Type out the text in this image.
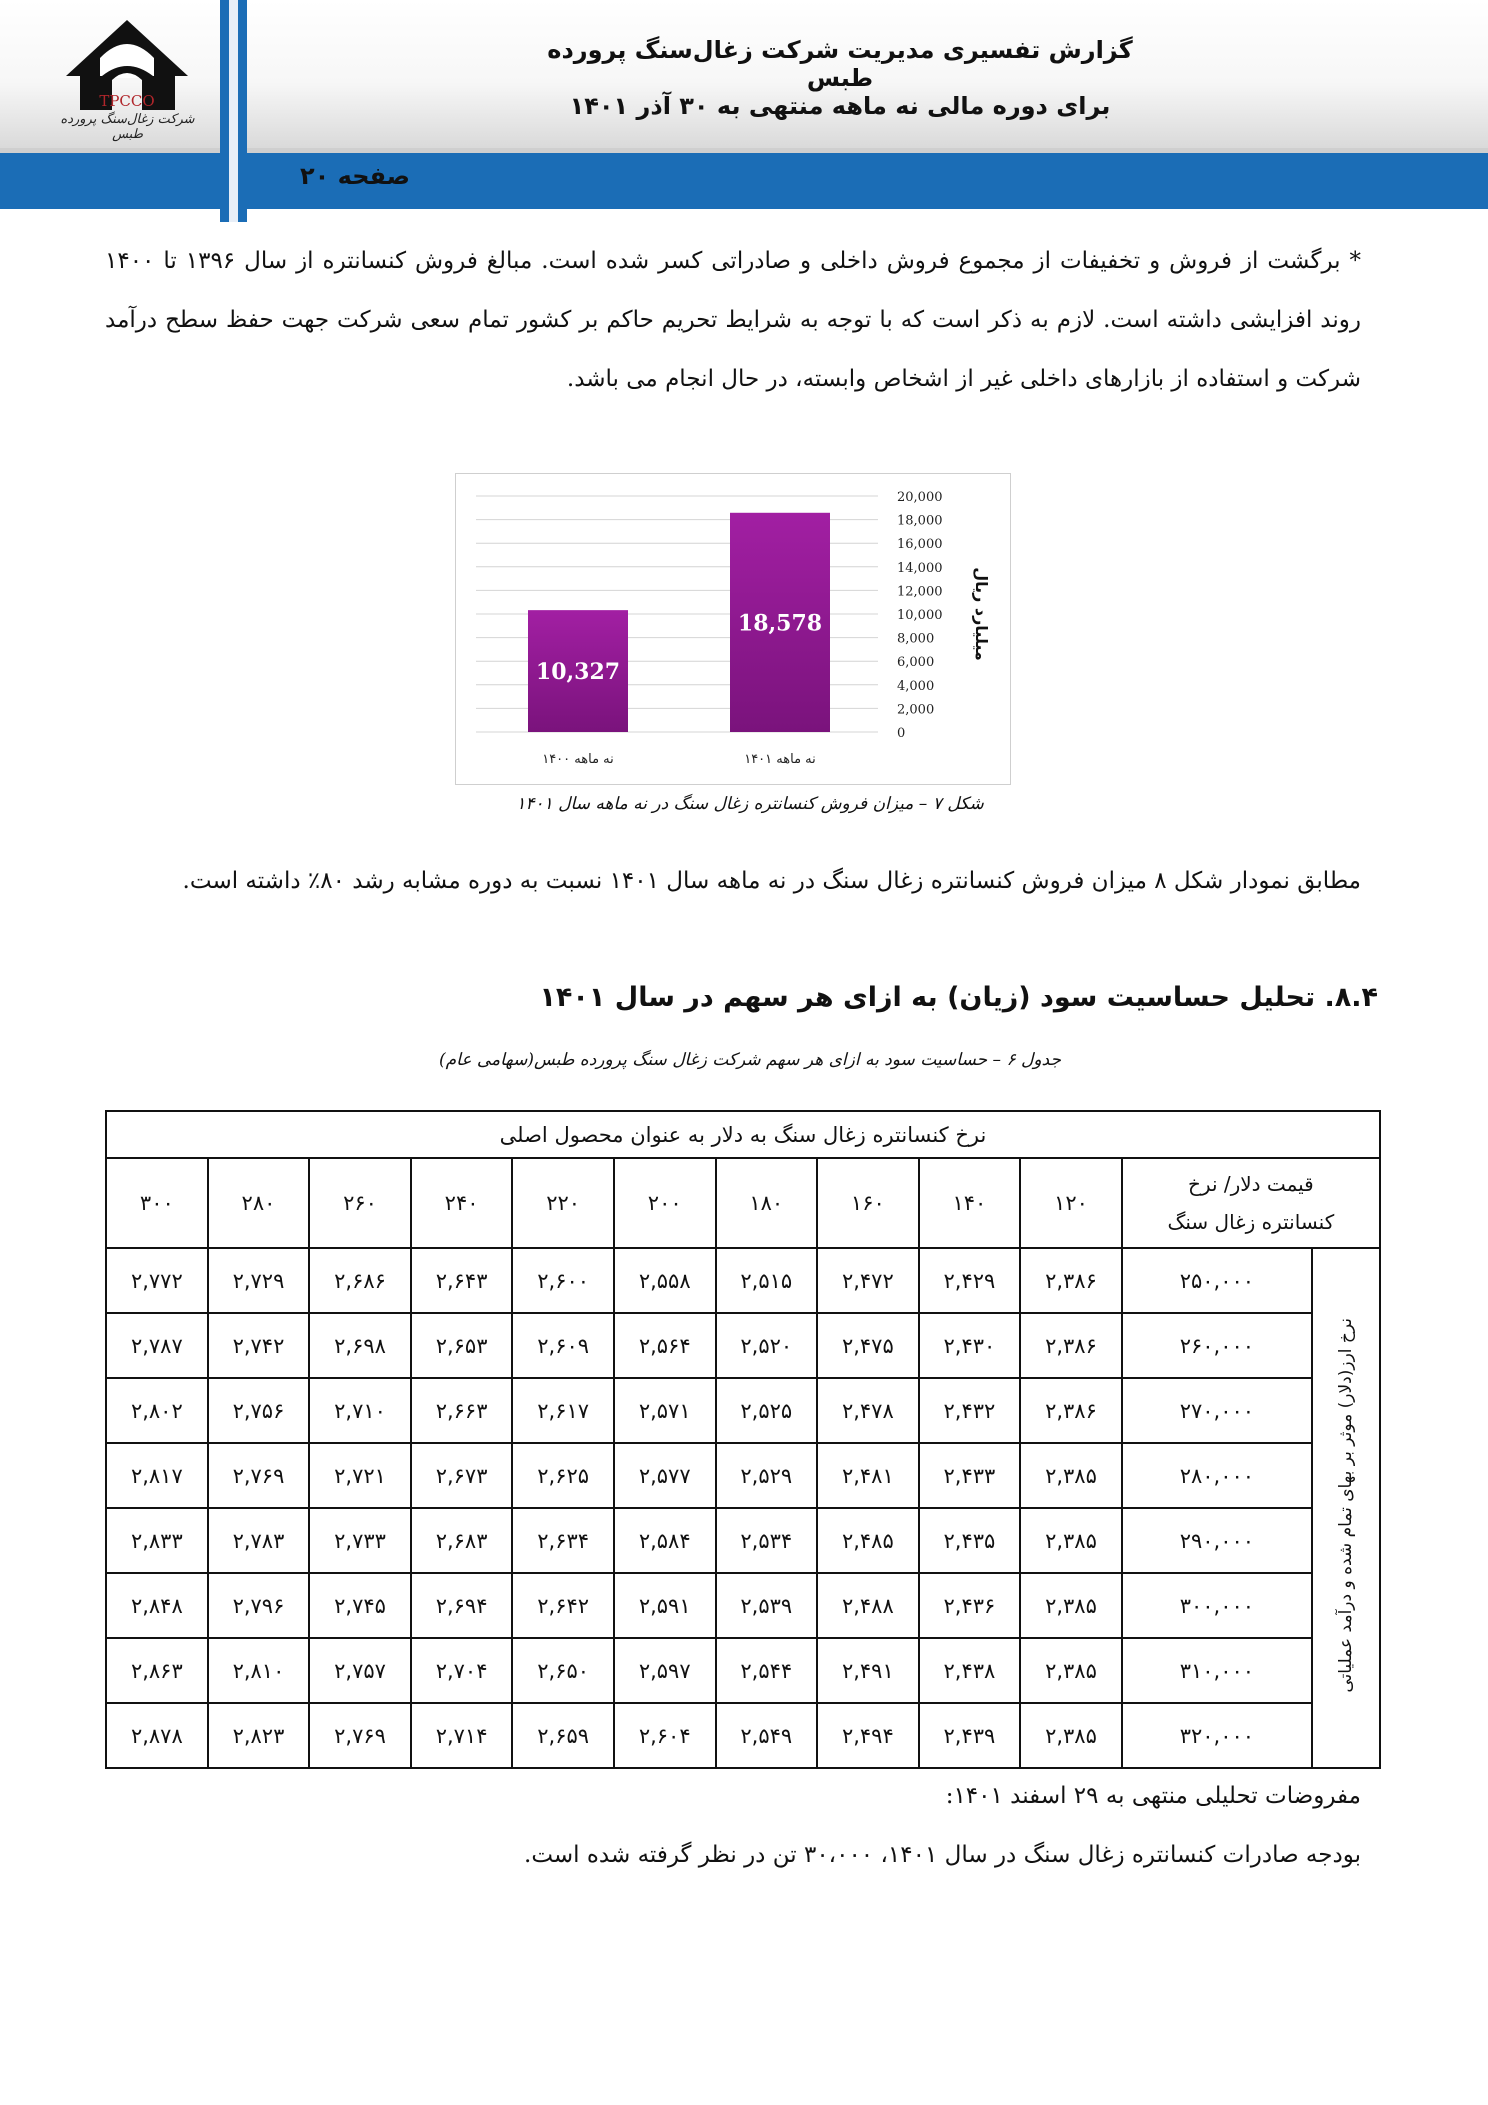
TPCCO
شرکت زغال‌سنگ پرورده طبس
گزارش تفسیری مدیریت شرکت زغال‌سنگ پرورده طبس
برای دوره مالی نه ماهه منتهی به ۳۰ آذر ۱۴۰۱
صفحه ۲۰
* برگشت از فروش و تخفیفات از مجموع فروش داخلی و صادراتی کسر شده است. مبالغ فروش کنسانتره از سال ۱۳۹۶ تا ۱۴۰۰ روند افزایشی داشته است. لازم به ذکر است که با توجه به شرایط تحریم حاکم بر کشور تمام سعی شرکت جهت حفظ سطح درآمد شرکت و استفاده از بازارهای داخلی غیر از اشخاص وابسته، در حال انجام می باشد.
20,000
18,000
16,000
14,000
12,000
10,000
8,000
6,000
4,000
2,000
0
میلیارد ریال
10,327
نه ماهه ۱۴۰۰
18,578
نه ماهه ۱۴۰۱
شکل ۷ – میزان فروش کنسانتره زغال سنگ در نه ماهه سال ۱۴۰۱
مطابق نمودار شکل ۸ میزان فروش کنسانتره زغال سنگ در نه ماهه سال ۱۴۰۱ نسبت به دوره مشابه رشد ۸۰٪ داشته است.
۸.۴. تحلیل حساسیت سود (زیان) به ازای هر سهم در سال ۱۴۰۱
جدول ۶ – حساسیت سود به ازای هر سهم شرکت زغال سنگ پرورده طبس(سهامی عام)
نرخ کنسانتره زغال سنگ به دلار به عنوان محصول اصلی											

قیمت دلار/ نرخ
کنسانتره زغال سنگ		۱۲۰	۱۴۰	۱۶۰	۱۸۰	۲۰۰	۲۲۰	۲۴۰	۲۶۰	۲۸۰	۳۰۰
نرخ ارز(دلار) موثر بر بهای تمام شده و درآمد عملیاتی	۲۵۰,۰۰۰	۲,۳۸۶	۲,۴۲۹	۲,۴۷۲	۲,۵۱۵	۲,۵۵۸	۲,۶۰۰	۲,۶۴۳	۲,۶۸۶	۲,۷۲۹	۲,۷۷۲
	۲۶۰,۰۰۰	۲,۳۸۶	۲,۴۳۰	۲,۴۷۵	۲,۵۲۰	۲,۵۶۴	۲,۶۰۹	۲,۶۵۳	۲,۶۹۸	۲,۷۴۲	۲,۷۸۷
	۲۷۰,۰۰۰	۲,۳۸۶	۲,۴۳۲	۲,۴۷۸	۲,۵۲۵	۲,۵۷۱	۲,۶۱۷	۲,۶۶۳	۲,۷۱۰	۲,۷۵۶	۲,۸۰۲
	۲۸۰,۰۰۰	۲,۳۸۵	۲,۴۳۳	۲,۴۸۱	۲,۵۲۹	۲,۵۷۷	۲,۶۲۵	۲,۶۷۳	۲,۷۲۱	۲,۷۶۹	۲,۸۱۷
	۲۹۰,۰۰۰	۲,۳۸۵	۲,۴۳۵	۲,۴۸۵	۲,۵۳۴	۲,۵۸۴	۲,۶۳۴	۲,۶۸۳	۲,۷۳۳	۲,۷۸۳	۲,۸۳۳
	۳۰۰,۰۰۰	۲,۳۸۵	۲,۴۳۶	۲,۴۸۸	۲,۵۳۹	۲,۵۹۱	۲,۶۴۲	۲,۶۹۴	۲,۷۴۵	۲,۷۹۶	۲,۸۴۸
	۳۱۰,۰۰۰	۲,۳۸۵	۲,۴۳۸	۲,۴۹۱	۲,۵۴۴	۲,۵۹۷	۲,۶۵۰	۲,۷۰۴	۲,۷۵۷	۲,۸۱۰	۲,۸۶۳
	۳۲۰,۰۰۰	۲,۳۸۵	۲,۴۳۹	۲,۴۹۴	۲,۵۴۹	۲,۶۰۴	۲,۶۵۹	۲,۷۱۴	۲,۷۶۹	۲,۸۲۳	۲,۸۷۸
مفروضات تحلیلی منتهی به ۲۹ اسفند ۱۴۰۱:
بودجه صادرات کنسانتره زغال سنگ در سال ۱۴۰۱، ۳۰،۰۰۰ تن در نظر گرفته شده است.
